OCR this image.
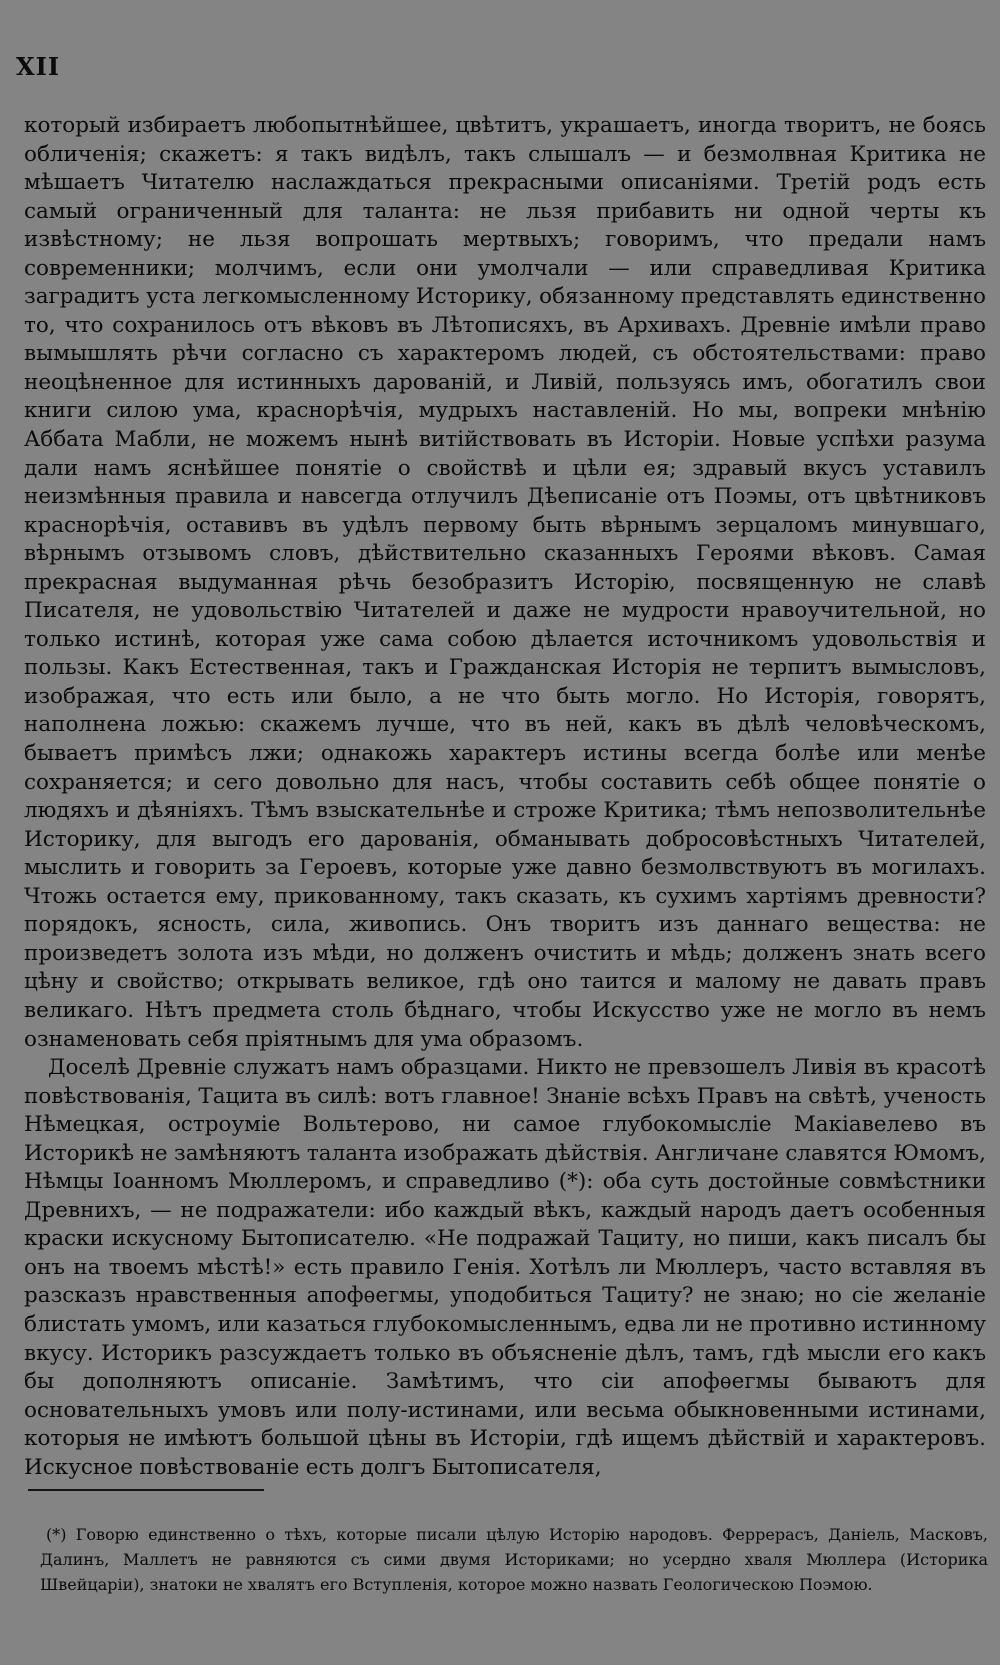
XII

который избираетъ любопытнѣйшее, цвѣтитъ, украшаетъ, иногда творитъ, не боясь обличенія; скажетъ: я такъ видѣлъ, такъ слышалъ — и безмолвная Критика не мѣшаетъ Читателю наслаждаться прекрасными описаніями. Третій родъ есть самый ограниченный для таланта: не льзя прибавить ни одной черты къ извѣстному; не льзя вопрошать мертвыхъ; говоримъ, что предали намъ современники; молчимъ, если они умолчали — или справедливая Критика заградитъ уста легкомысленному Историку, обязанному представлять единственно то, что сохранилось отъ вѣковъ въ Лѣтописяхъ, въ Архивахъ. Древніе имѣли право вымышлять рѣчи согласно съ характеромъ людей, съ обстоятельствами: право неоцѣненное для истинныхъ дарованій, и Ливій, пользуясь имъ, обогатилъ свои книги силою ума, краснорѣчія, мудрыхъ наставленій. Но мы, вопреки мнѣнію Аббата Мабли, не можемъ нынѣ витійствовать въ Исторіи. Новые успѣхи разума дали намъ яснѣйшее понятіе о свойствѣ и цѣли ея; здравый вкусъ уставилъ неизмѣнныя правила и навсегда отлучилъ Дѣеписаніе отъ Поэмы, отъ цвѣтниковъ краснорѣчія, оставивъ въ удѣлъ первому быть вѣрнымъ зерцаломъ минувшаго, вѣрнымъ отзывомъ словъ, дѣйствительно сказанныхъ Героями вѣковъ. Самая прекрасная выдуманная рѣчь безобразитъ Исторію, посвященную не славѣ Писателя, не удовольствію Читателей и даже не мудрости нравоучительной, но только истинѣ, которая уже сама собою дѣлается источникомъ удовольствія и пользы. Какъ Естественная, такъ и Гражданская Исторія не терпитъ вымысловъ, изображая, что есть или было, а не что быть могло. Но Исторія, говорятъ, наполнена ложью: скажемъ лучше, что въ ней, какъ въ дѣлѣ человѣческомъ, бываетъ примѣсъ лжи; однакожь характеръ истины всегда болѣе или менѣе сохраняется; и сего довольно для насъ, чтобы составить себѣ общее понятіе о людяхъ и дѣяніяхъ. Тѣмъ взыскательнѣе и строже Критика; тѣмъ непозволительнѣе Историку, для выгодъ его дарованія, обманывать добросовѣстныхъ Читателей, мыслить и говорить за Героевъ, которые уже давно безмолвствуютъ въ могилахъ. Чтожь остается ему, прикованному, такъ сказать, къ сухимъ хартіямъ древности? порядокъ, ясность, сила, живопись. Онъ творитъ изъ даннаго вещества: не произведетъ золота изъ мѣди, но долженъ очистить и мѣдь; долженъ знать всего цѣну и свойство; открывать великое, гдѣ оно таится и малому не давать правъ великаго. Нѣтъ предмета столь бѣднаго, чтобы Искусство уже не могло въ немъ ознаменовать себя пріятнымъ для ума образомъ.

Доселѣ Древніе служатъ намъ образцами. Никто не превзошелъ Ливія въ красотѣ повѣствованія, Тацита въ силѣ: вотъ главное! Знаніе всѣхъ Правъ на свѣтѣ, ученость Нѣмецкая, остроуміе Вольтерово, ни самое глубокомысліе Макіавелево въ Историкѣ не замѣняютъ таланта изображать дѣйствія. Англичане славятся Юмомъ, Нѣмцы Іоанномъ Мюллеромъ, и справедливо (*): оба суть достойные совмѣстники Древнихъ, — не подражатели: ибо каждый вѣкъ, каждый народъ даетъ особенныя краски искусному Бытописателю. «Не подражай Тациту, но пиши, какъ писалъ бы онъ на твоемъ мѣстѣ!» есть правило Генія. Хотѣлъ ли Мюллеръ, часто вставляя въ разсказъ нравственныя апофѳегмы, уподобиться Тациту? не знаю; но сіе желаніе блистать умомъ, или казаться глубокомысленнымъ, едва ли не противно истинному вкусу. Историкъ разсуждаетъ только въ объясненіе дѣлъ, тамъ, гдѣ мысли его какъ бы дополняютъ описаніе. Замѣтимъ, что сіи апофѳегмы бываютъ для основательныхъ умовъ или полу-истинами, или весьма обыкновенными истинами, которыя не имѣютъ большой цѣны въ Исторіи, гдѣ ищемъ дѣйствій и характеровъ. Искусное повѣствованіе есть долгъ Бытописателя,

(*) Говорю единственно о тѣхъ, которые писали цѣлую Исторію народовъ. Феррерасъ, Даніель, Масковъ, Далинъ, Маллетъ не равняются съ сими двумя Историками; но усердно хваля Мюллера (Историка Швейцаріи), знатоки не хвалятъ его Вступленія, которое можно назвать Геологическою Поэмою.
